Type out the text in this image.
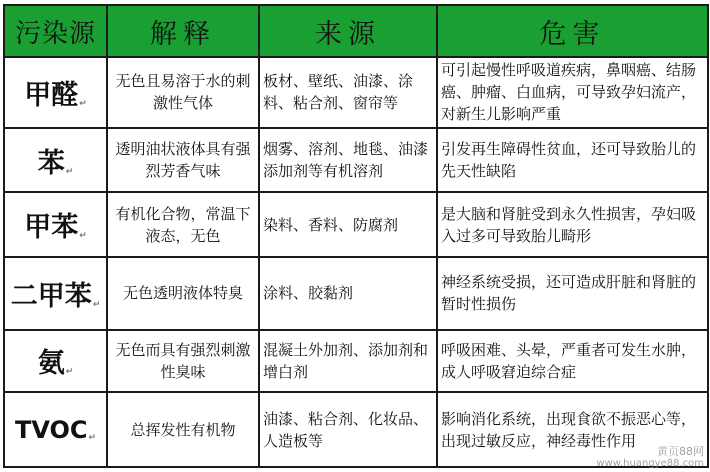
污染源	解释	来源	危害
甲醛↵	无色且易溶于水的刺激性气体	板材、壁纸、油漆、涂料、粘合剂、窗帘等	可引起慢性呼吸道疾病，鼻咽癌、结肠癌、肿瘤、白血病，可导致孕妇流产，对新生儿影响严重
苯↵	透明油状液体具有强烈芳香气味	烟雾、溶剂、地毯、油漆添加剂等有机溶剂	引发再生障碍性贫血，还可导致胎儿的先天性缺陷
甲苯↵	有机化合物，常温下液态，无色	染料、香料、防腐剂	是大脑和肾脏受到永久性损害，孕妇吸入过多可导致胎儿畸形
二甲苯↵	无色透明液体特臭	涂料、胶黏剂	神经系统受损，还可造成肝脏和肾脏的暂时性损伤
氨↵	无色而具有强烈刺激性臭味	混凝土外加剂、添加剂和增白剂	呼吸困难、头晕，严重者可发生水肿，成人呼吸窘迫综合症
TVOC↵	总挥发性有机物	油漆、粘合剂、化妆品、人造板等	影响消化系统，出现食欲不振恶心等，出现过敏反应，神经毒性作用
黄页88网
www.huangye88.com
